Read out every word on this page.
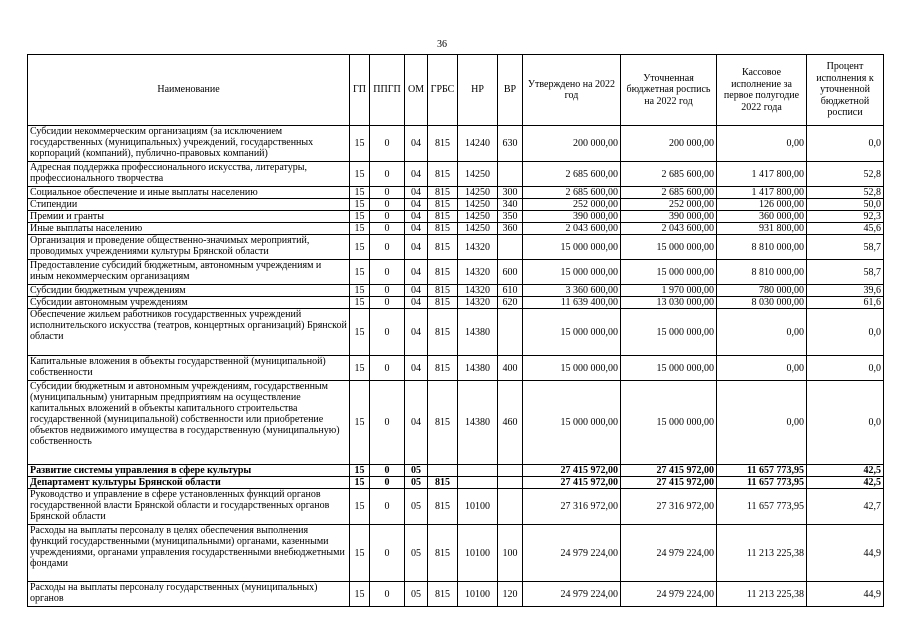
36
Наименование	ГП	ППГП	ОМ	ГРБС	НР	ВР	Утверждено на 2022 год	Уточненная бюджетная роспись на 2022 год	Кассовое исполнение за первое полугодие 2022 года	Процент исполнения к уточненной бюджетной росписи
Субсидии некоммерческим организациям (за исключением государственных (муниципальных) учреждений, государственных корпораций (компаний), публично-правовых компаний)	15	0	04	815	14240	630	200 000,00	200 000,00	0,00	0,0
Адресная поддержка профессионального искусства, литературы, профессионального творчества	15	0	04	815	14250		2 685 600,00	2 685 600,00	1 417 800,00	52,8
Социальное обеспечение и иные выплаты населению	15	0	04	815	14250	300	2 685 600,00	2 685 600,00	1 417 800,00	52,8
Стипендии	15	0	04	815	14250	340	252 000,00	252 000,00	126 000,00	50,0
Премии и гранты	15	0	04	815	14250	350	390 000,00	390 000,00	360 000,00	92,3
Иные выплаты населению	15	0	04	815	14250	360	2 043 600,00	2 043 600,00	931 800,00	45,6
Организация и проведение общественно-значимых мероприятий, проводимых учреждениями культуры Брянской области	15	0	04	815	14320		15 000 000,00	15 000 000,00	8 810 000,00	58,7
Предоставление субсидий бюджетным, автономным учреждениям и иным некоммерческим организациям	15	0	04	815	14320	600	15 000 000,00	15 000 000,00	8 810 000,00	58,7
Субсидии бюджетным учреждениям	15	0	04	815	14320	610	3 360 600,00	1 970 000,00	780 000,00	39,6
Субсидии автономным учреждениям	15	0	04	815	14320	620	11 639 400,00	13 030 000,00	8 030 000,00	61,6
Обеспечение жильем работников государственных учреждений исполнительского искусства (театров, концертных организаций) Брянской области	15	0	04	815	14380		15 000 000,00	15 000 000,00	0,00	0,0
Капитальные вложения в объекты государственной (муниципальной) собственности	15	0	04	815	14380	400	15 000 000,00	15 000 000,00	0,00	0,0
Субсидии бюджетным и автономным учреждениям, государственным (муниципальным) унитарным предприятиям на осуществление капитальных вложений в объекты капитального строительства государственной (муниципальной) собственности или приобретение объектов недвижимого имущества в государственную (муниципальную) собственность	15	0	04	815	14380	460	15 000 000,00	15 000 000,00	0,00	0,0
Развитие системы управления в сфере культуры	15	0	05				27 415 972,00	27 415 972,00	11 657 773,95	42,5
Департамент культуры Брянской области	15	0	05	815			27 415 972,00	27 415 972,00	11 657 773,95	42,5
Руководство и управление в сфере установленных функций органов государственной власти Брянской области и государственных органов Брянской области	15	0	05	815	10100		27 316 972,00	27 316 972,00	11 657 773,95	42,7
Расходы на выплаты персоналу в целях обеспечения выполнения функций государственными (муниципальными) органами, казенными учреждениями, органами управления государственными внебюджетными фондами	15	0	05	815	10100	100	24 979 224,00	24 979 224,00	11 213 225,38	44,9
Расходы на выплаты персоналу государственных (муниципальных) органов	15	0	05	815	10100	120	24 979 224,00	24 979 224,00	11 213 225,38	44,9
